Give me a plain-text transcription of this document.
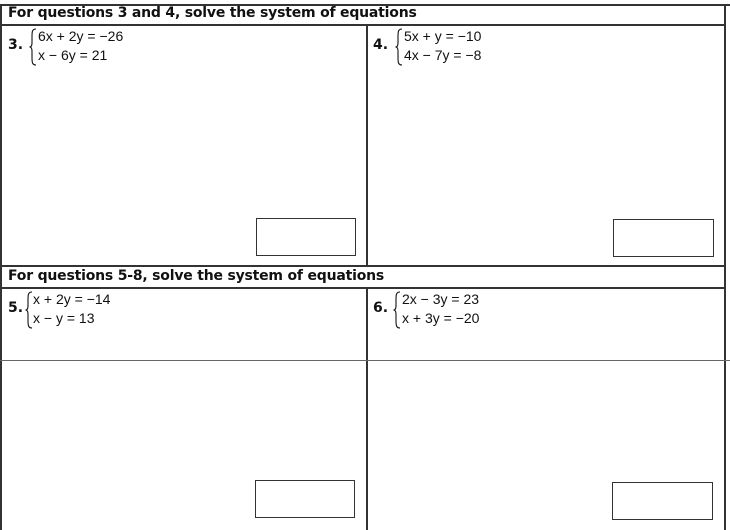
For questions 3 and 4, solve the system of equations
3.
6x + 2y = −26
x − 6y = 21
4.
5x + y = −10
4x − 7y = −8
For questions 5-8, solve the system of equations
5.
x + 2y = −14
x − y = 13
6.
2x − 3y = 23
x + 3y = −20
